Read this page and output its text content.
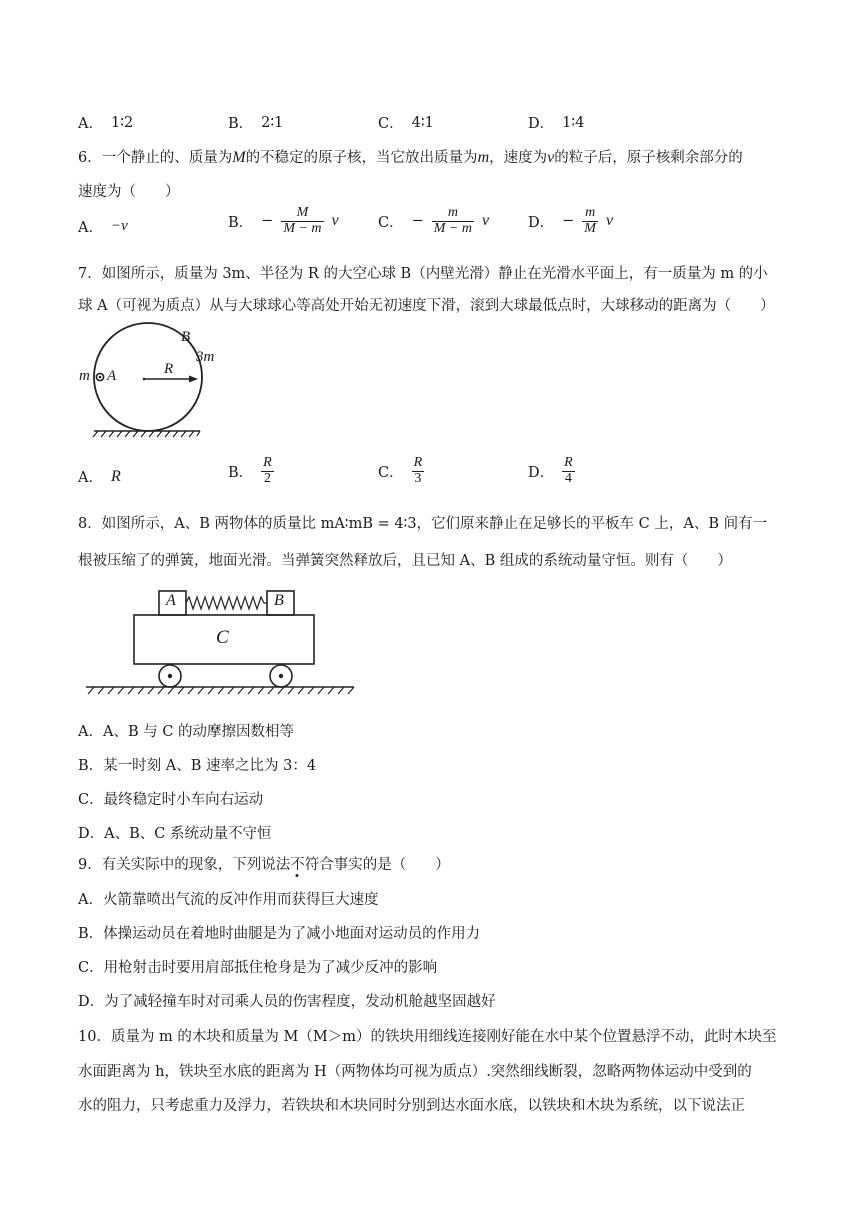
A． 1∶2	B． 2∶1	C． 4∶1	D． 1∶4
6．一个静止的、质量为M的不稳定的原子核，当它放出质量为m，速度为v的粒子后，原子核剩余部分的
速度为（　　）
A． −v	B． − $\frac{M}{M - m}$ v	C． − $\frac{m}{M - m}$ v	D． − $\frac{m}{M}$ v
7．如图所示，质量为 3m、半径为 R 的大空心球 B（内壁光滑）静止在光滑水平面上，有一质量为 m 的小
球 A（可视为质点）从与大球球心等高处开始无初速度下滑，滚到大球最低点时，大球移动的距离为（　　）
B
3m
m A	R
A． R	B． $\frac{R}{2}$	C． $\frac{R}{3}$	D． $\frac{R}{4}$
8．如图所示，A、B 两物体的质量比 mA∶mB = 4∶3，它们原来静止在足够长的平板车 C 上，A、B 间有一
根被压缩了的弹簧，地面光滑。当弹簧突然释放后，且已知 A、B 组成的系统动量守恒。则有（　　）
A	B
C
A．A、B 与 C 的动摩擦因数相等
B．某一时刻 A、B 速率之比为 3：4
C．最终稳定时小车向右运动
D．A、B、C 系统动量不守恒
9．有关实际中的现象，下列说法不符合事实的是（　　）
A．火箭靠喷出气流的反冲作用而获得巨大速度
B．体操运动员在着地时曲腿是为了减小地面对运动员的作用力
C．用枪射击时要用肩部抵住枪身是为了减少反冲的影响
D．为了减轻撞车时对司乘人员的伤害程度，发动机舱越坚固越好
10．质量为 m 的木块和质量为 M（M＞m）的铁块用细线连接刚好能在水中某个位置悬浮不动，此时木块至
水面距离为 h，铁块至水底的距离为 H（两物体均可视为质点）.突然细线断裂，忽略两物体运动中受到的
水的阻力，只考虑重力及浮力，若铁块和木块同时分别到达水面水底，以铁块和木块为系统，以下说法正
